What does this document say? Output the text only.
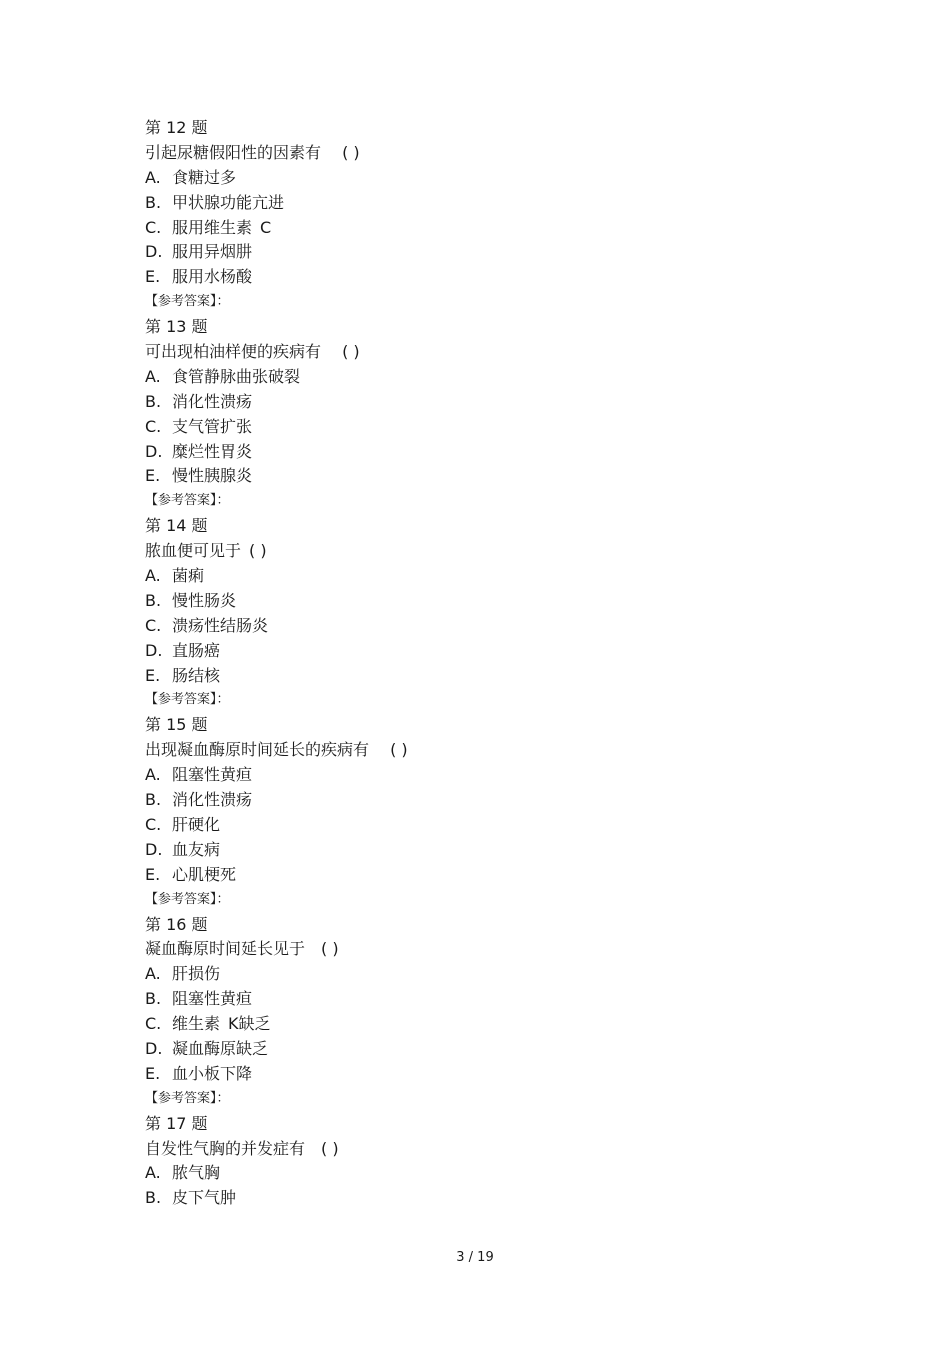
第 12 题
引起尿糖假阳性的因素有　 ( )
A. 食糖过多
B. 甲状腺功能亢进
C. 服用维生素 C
D. 服用异烟肼
E. 服用水杨酸
【参考答案】：
第 13 题
可出现柏油样便的疾病有　 ( )
A. 食管静脉曲张破裂
B. 消化性溃疡
C. 支气管扩张
D. 糜烂性胃炎
E. 慢性胰腺炎
【参考答案】：
第 14 题
脓血便可见于 ( )
A. 菌痢
B. 慢性肠炎
C. 溃疡性结肠炎
D. 直肠癌
E. 肠结核
【参考答案】：
第 15 题
出现凝血酶原时间延长的疾病有　 ( )
A. 阻塞性黄疸
B. 消化性溃疡
C. 肝硬化
D. 血友病
E. 心肌梗死
【参考答案】：
第 16 题
凝血酶原时间延长见于　( )
A. 肝损伤
B. 阻塞性黄疸
C. 维生素 K缺乏
D. 凝血酶原缺乏
E. 血小板下降
【参考答案】：
第 17 题
自发性气胸的并发症有　( )
A. 脓气胸
B. 皮下气肿
3 / 19
